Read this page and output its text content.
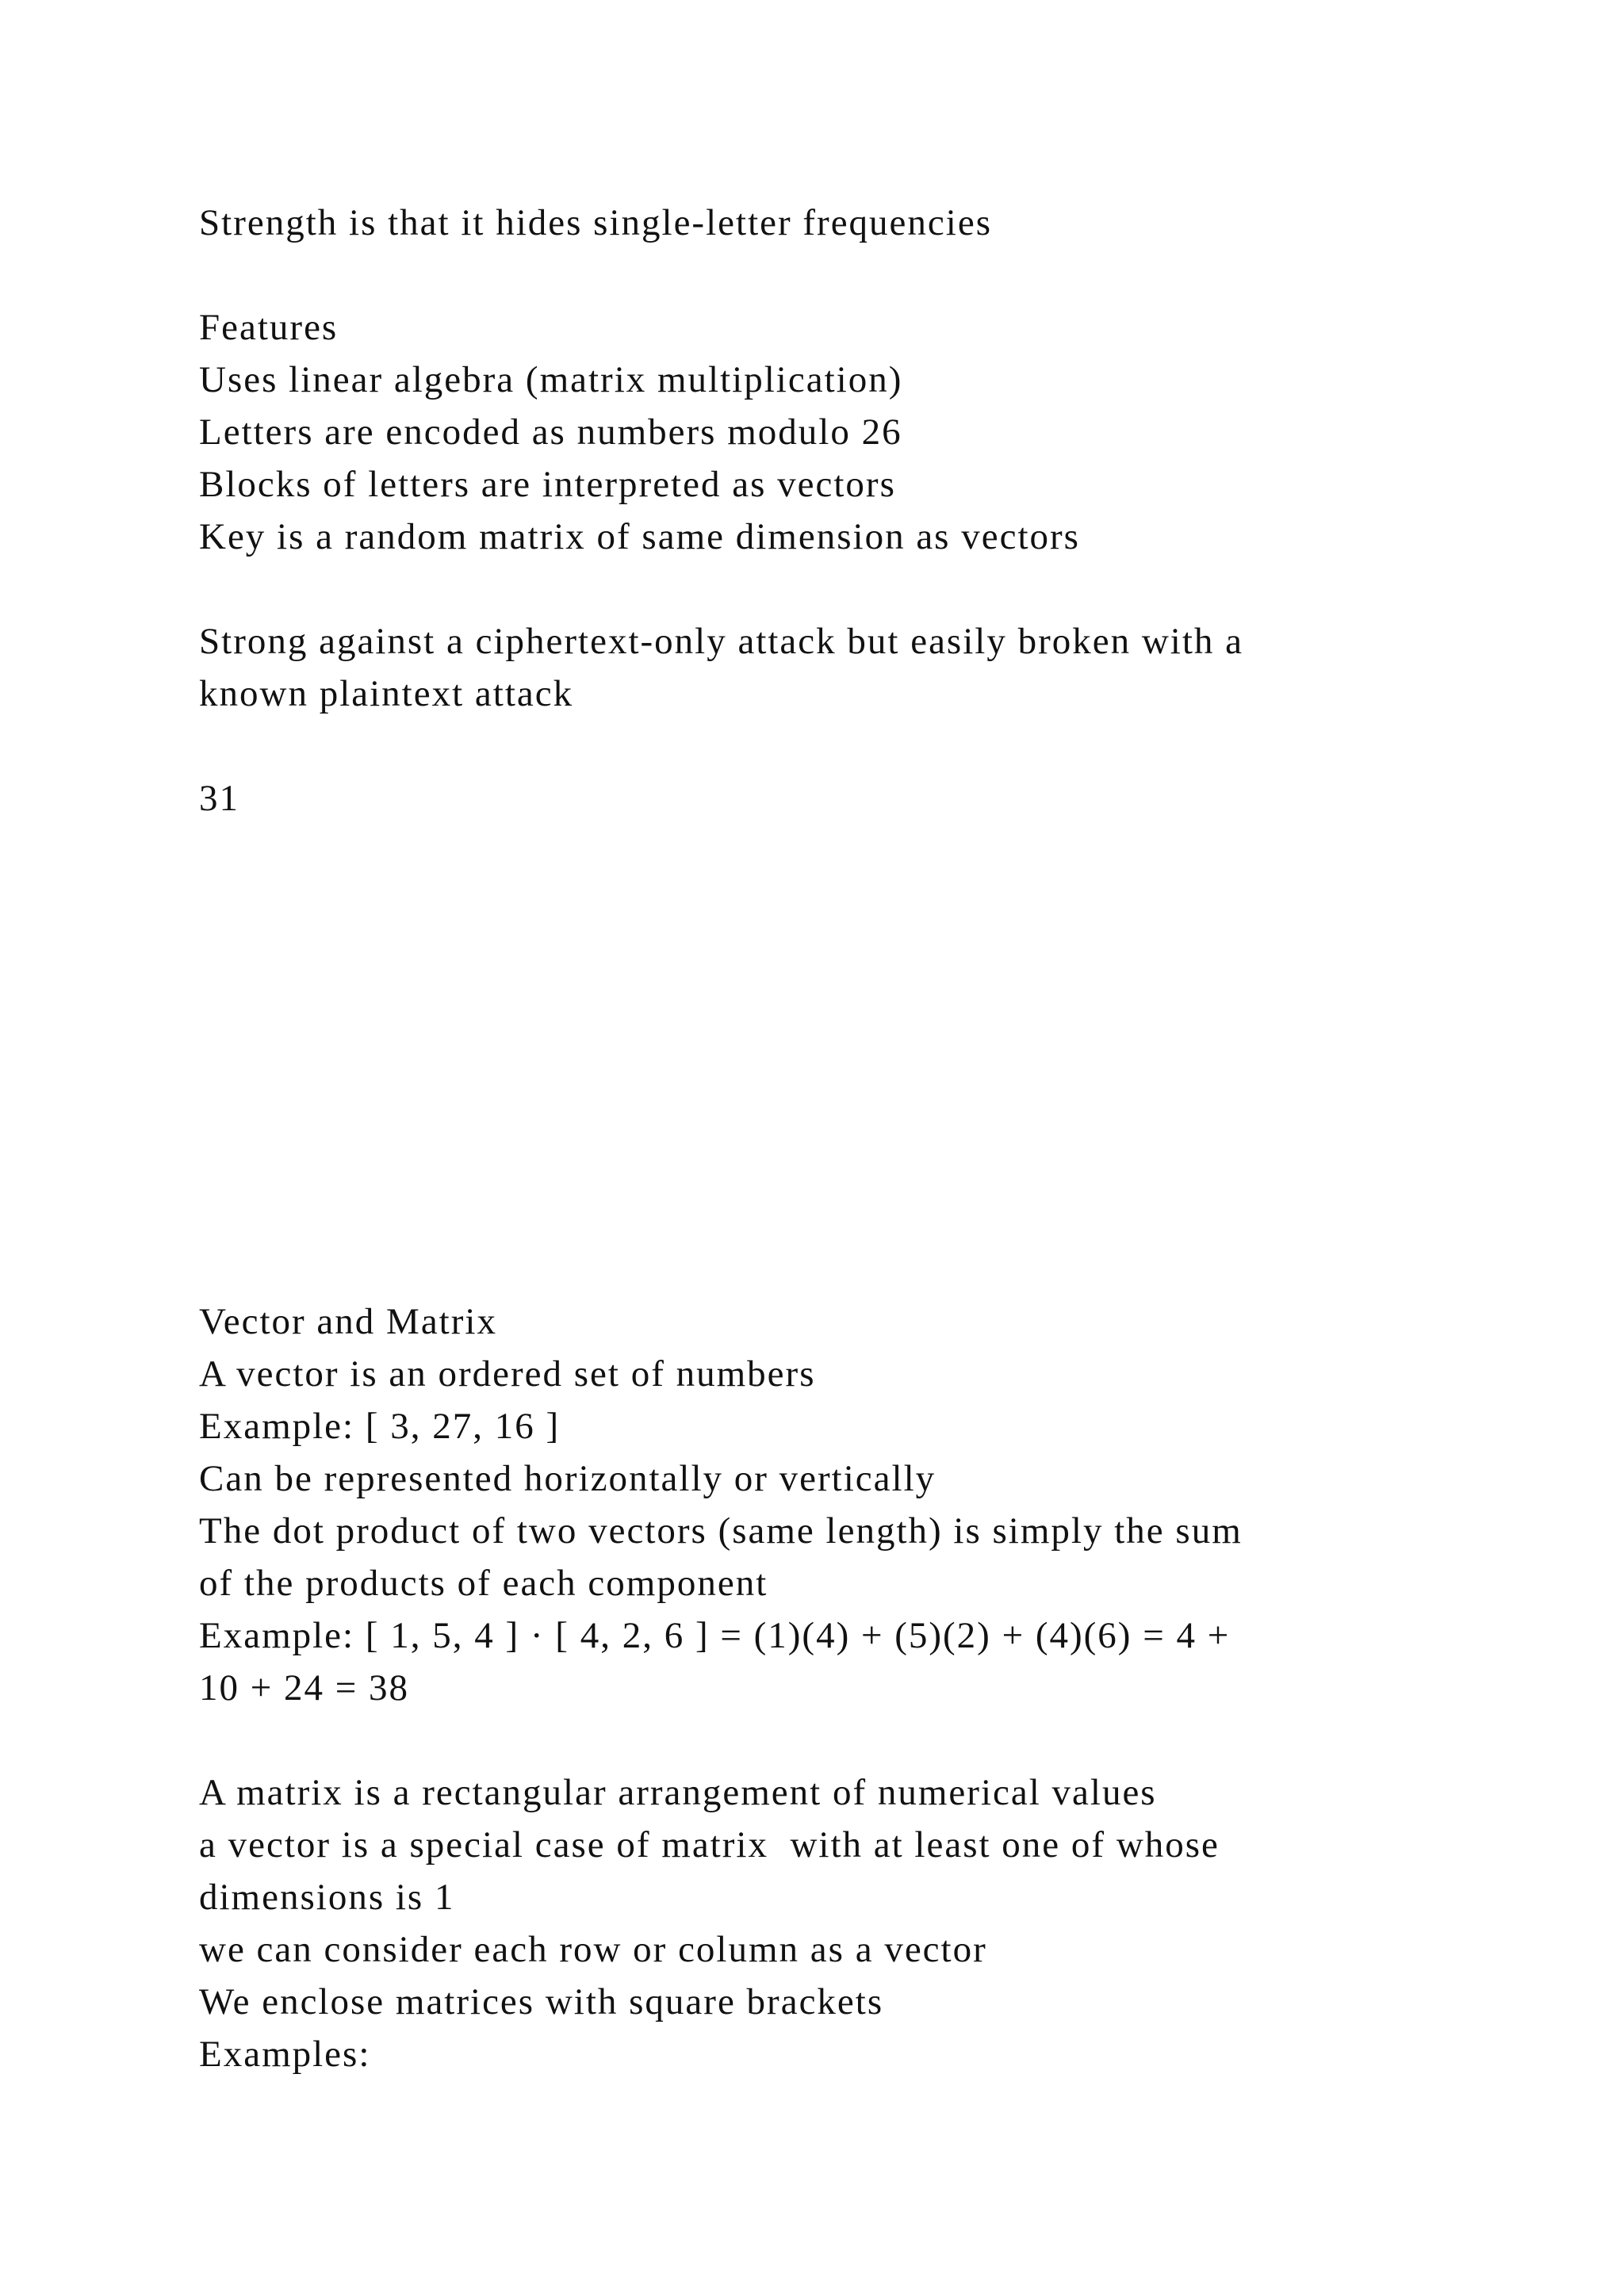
Strength is that it hides single-letter frequencies

Features

Uses linear algebra (matrix multiplication)

Letters are encoded as numbers modulo 26

Blocks of letters are interpreted as vectors

Key is a random matrix of same dimension as vectors

Strong against a ciphertext-only attack but easily broken with a

known plaintext attack

31

Vector and Matrix

A vector is an ordered set of numbers

Example: [ 3, 27, 16 ]

Can be represented horizontally or vertically

The dot product of two vectors (same length) is simply the sum

of the products of each component

Example: [ 1, 5, 4 ] · [ 4, 2, 6 ] = (1)(4) + (5)(2) + (4)(6) = 4 +

10 + 24 = 38

A matrix is a rectangular arrangement of numerical values

a vector is a special case of matrix  with at least one of whose

dimensions is 1

we can consider each row or column as a vector

We enclose matrices with square brackets

Examples:
